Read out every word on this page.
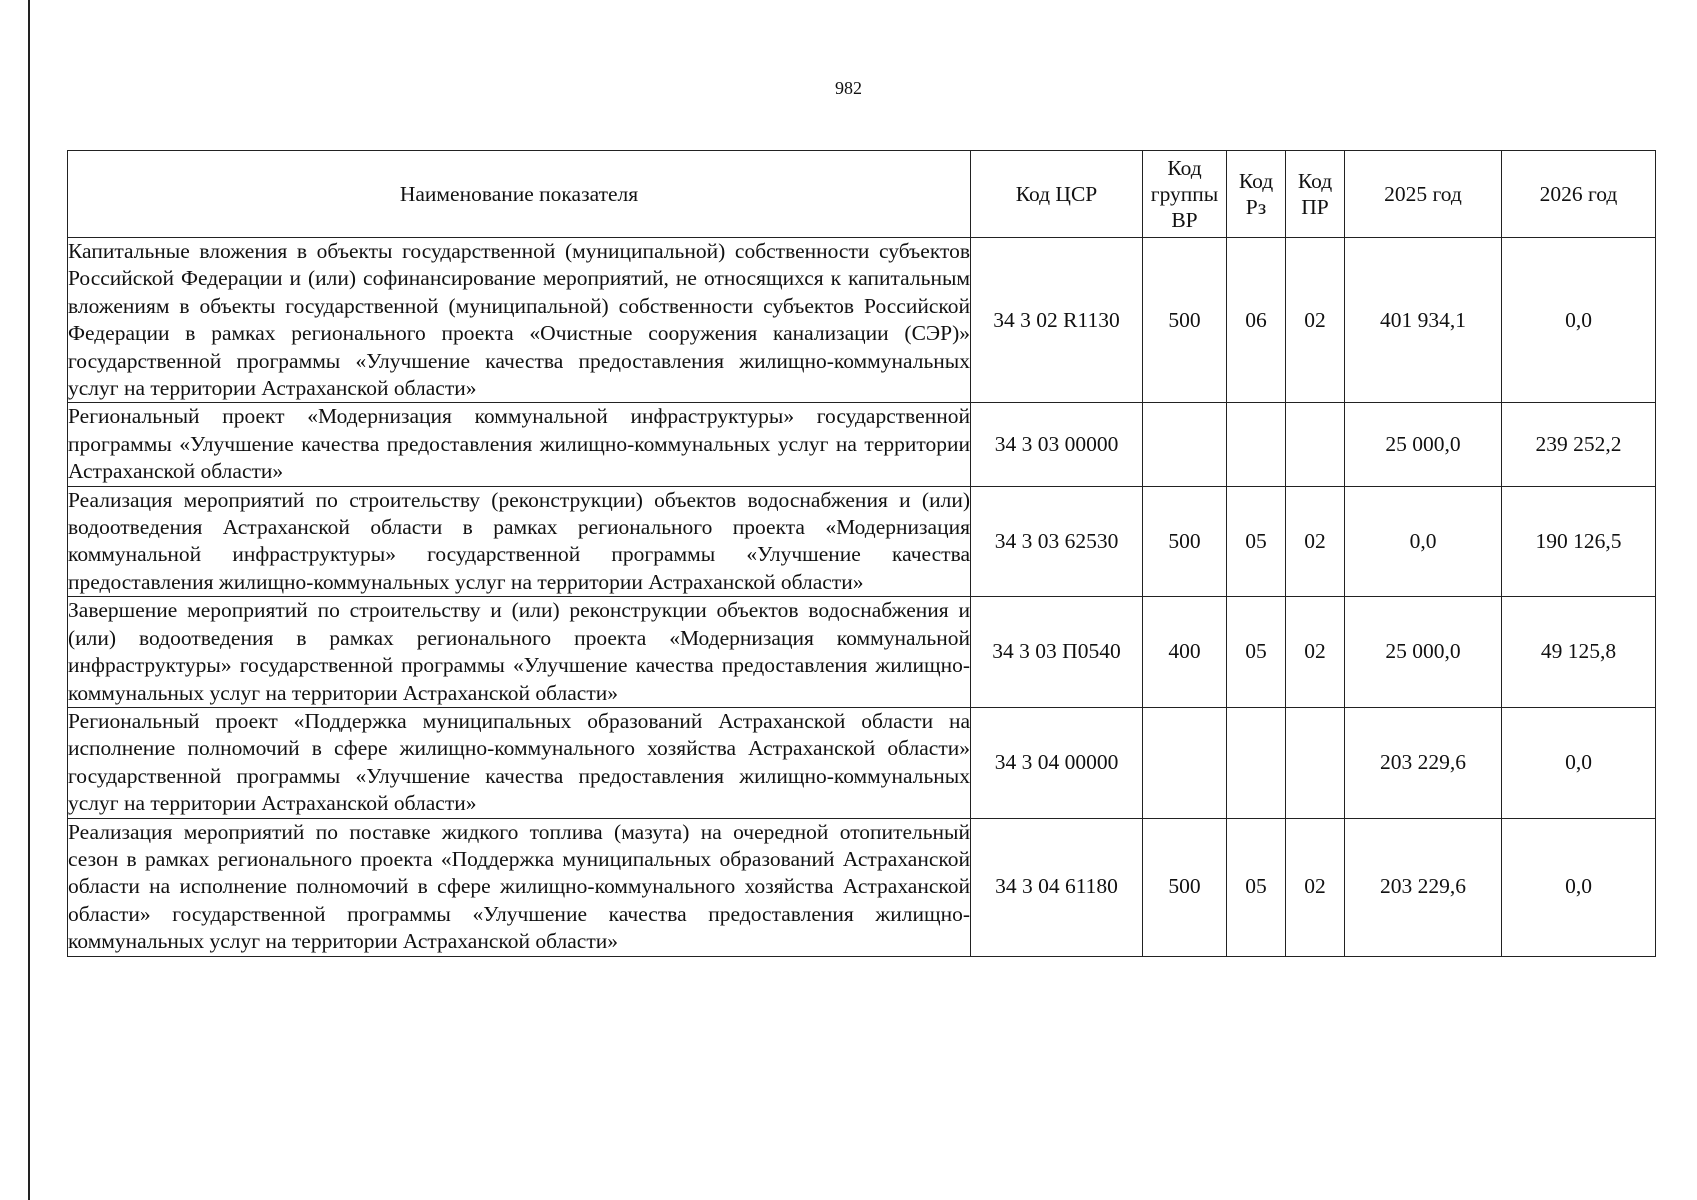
982
Наименование показателя	Код ЦСР	Код группы ВР	Код Рз	Код ПР	2025 год	2026 год
Капитальные вложения в объекты государственной (муниципальной) собственности субъектов Российской Федерации и (или) софинансирование мероприятий, не относящихся к капитальным вложениям в объекты государственной (муниципальной) собственности субъектов Российской Федерации в рамках регионального проекта «Очистные сооружения канализации (СЭР)» государственной программы «Улучшение качества предоставления жилищно-коммунальных услуг на территории Астраханской области»	34 3 02 R1130	500	06	02	401 934,1	0,0
Региональный проект «Модернизация коммунальной инфраструктуры» государственной программы «Улучшение качества предоставления жилищно-коммунальных услуг на территории Астраханской области»	34 3 03 00000				25 000,0	239 252,2
Реализация мероприятий по строительству (реконструкции) объектов водоснабжения и (или) водоотведения Астраханской области в рамках регионального проекта «Модернизация коммунальной инфраструктуры» государственной программы «Улучшение качества предоставления жилищно-коммунальных услуг на территории Астраханской области»	34 3 03 62530	500	05	02	0,0	190 126,5
Завершение мероприятий по строительству и (или) реконструкции объектов водоснабжения и (или) водоотведения в рамках регионального проекта «Модернизация коммунальной инфраструктуры» государственной программы «Улучшение качества предоставления жилищно-коммунальных услуг на территории Астраханской области»	34 3 03 П0540	400	05	02	25 000,0	49 125,8
Региональный проект «Поддержка муниципальных образований Астраханской области на исполнение полномочий в сфере жилищно-коммунального хозяйства Астраханской области» государственной программы «Улучшение качества предоставления жилищно-коммунальных услуг на территории Астраханской области»	34 3 04 00000				203 229,6	0,0
Реализация мероприятий по поставке жидкого топлива (мазута) на очередной отопительный сезон в рамках регионального проекта «Поддержка муниципальных образований Астраханской области на исполнение полномочий в сфере жилищно-коммунального хозяйства Астраханской области» государственной программы «Улучшение качества предоставления жилищно-коммунальных услуг на территории Астраханской области»	34 3 04 61180	500	05	02	203 229,6	0,0
